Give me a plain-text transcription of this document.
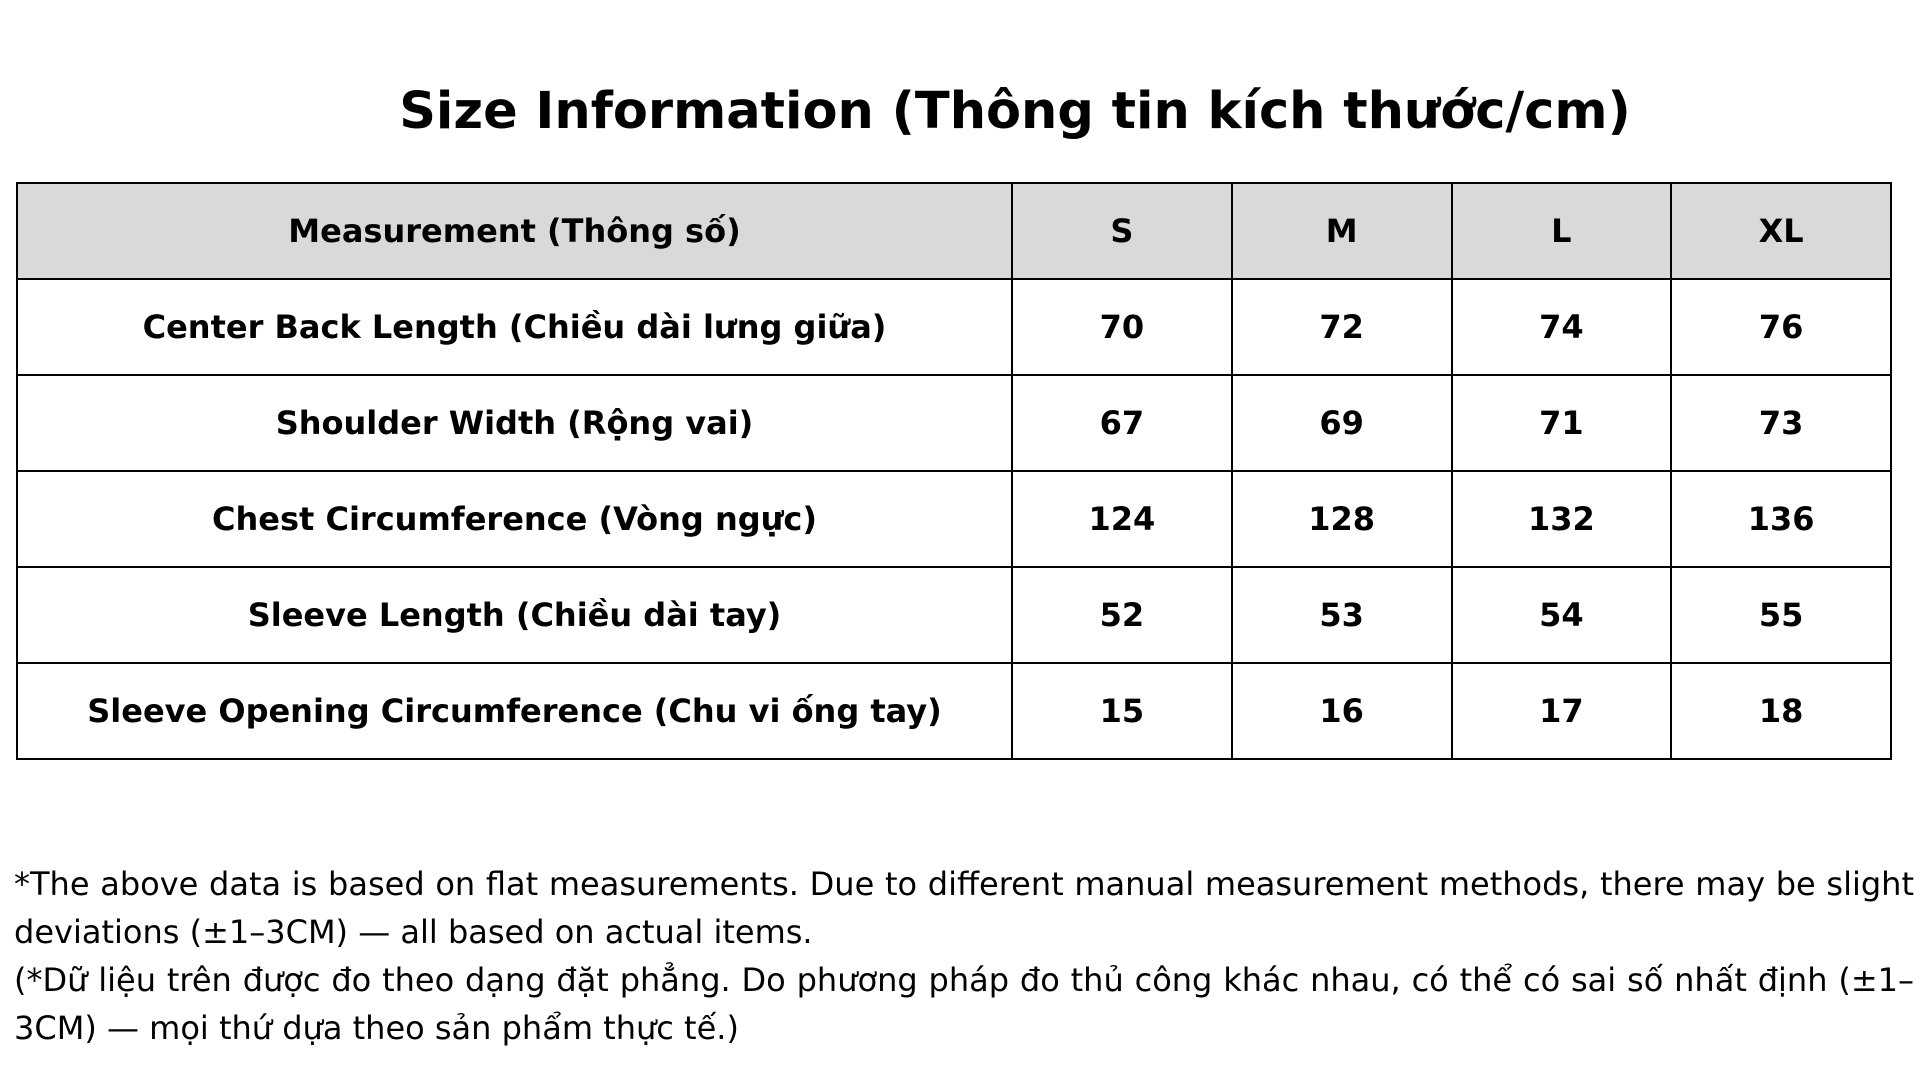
Size Information (Thông tin kích thước/cm)
Measurement (Thông số)	S	M	L	XL
Center Back Length (Chiều dài lưng giữa)	70	72	74	76
Shoulder Width (Rộng vai)	67	69	71	73
Chest Circumference (Vòng ngực)	124	128	132	136
Sleeve Length (Chiều dài tay)	52	53	54	55
Sleeve Opening Circumference (Chu vi ống tay)	15	16	17	18

*The above data is based on flat measurements. Due to different manual measurement methods, there may be slight deviations (±1–3CM) — all based on actual items.

(*Dữ liệu trên được đo theo dạng đặt phẳng. Do phương pháp đo thủ công khác nhau, có thể có sai số nhất định (±1–3CM) — mọi thứ dựa theo sản phẩm thực tế.)
